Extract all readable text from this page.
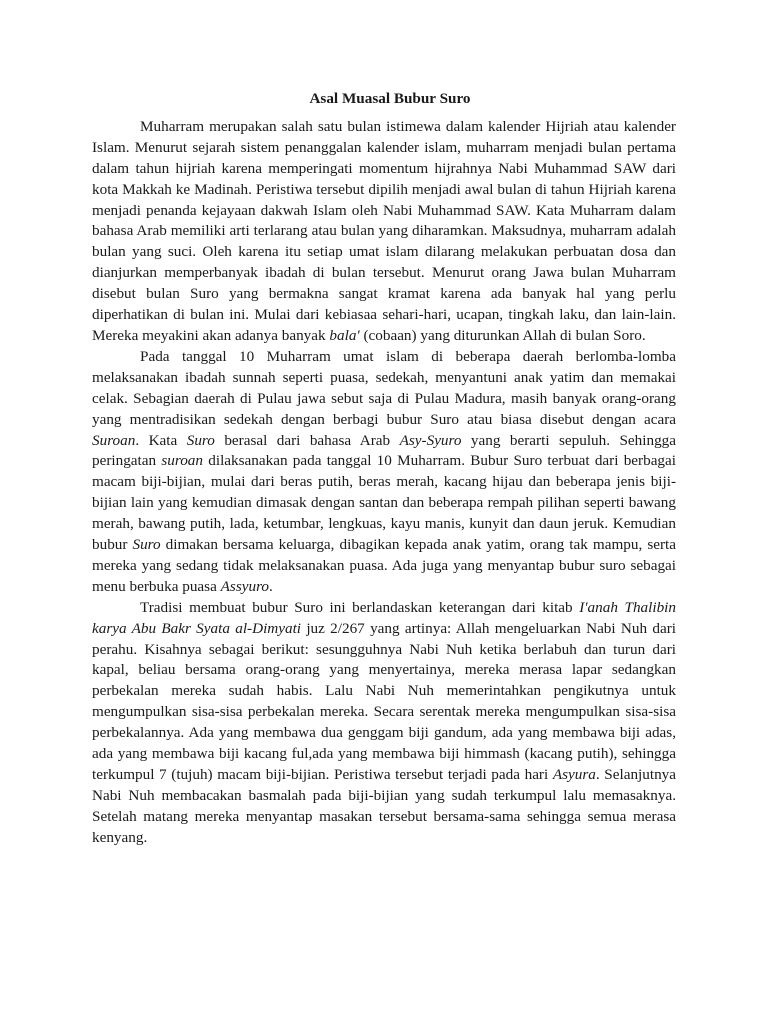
Asal Muasal Bubur Suro

Muharram merupakan salah satu bulan istimewa dalam kalender Hijriah atau kalender Islam. Menurut sejarah sistem penanggalan kalender islam, muharram menjadi bulan pertama dalam tahun hijriah karena memperingati momentum hijrahnya Nabi Muhammad SAW dari kota Makkah ke Madinah. Peristiwa tersebut dipilih menjadi awal bulan di tahun Hijriah karena menjadi penanda kejayaan dakwah Islam oleh Nabi Muhammad SAW. Kata Muharram dalam bahasa Arab memiliki arti terlarang atau bulan yang diharamkan. Maksudnya, muharram adalah bulan yang suci. Oleh karena itu setiap umat islam dilarang melakukan perbuatan dosa dan dianjurkan memperbanyak ibadah di bulan tersebut. Menurut orang Jawa bulan Muharram disebut bulan Suro yang bermakna sangat kramat karena ada banyak hal yang perlu diperhatikan di bulan ini. Mulai dari kebiasaa sehari-hari, ucapan, tingkah laku, dan lain-lain. Mereka meyakini akan adanya banyak bala' (cobaan) yang diturunkan Allah di bulan Soro.

Pada tanggal 10 Muharram umat islam di beberapa daerah berlomba-lomba melaksanakan ibadah sunnah seperti puasa, sedekah, menyantuni anak yatim dan memakai celak. Sebagian daerah di Pulau jawa sebut saja di Pulau Madura, masih banyak orang-orang yang mentradisikan sedekah dengan berbagi bubur Suro atau biasa disebut dengan acara Suroan. Kata Suro berasal dari bahasa Arab Asy-Syuro yang berarti sepuluh. Sehingga peringatan suroan dilaksanakan pada tanggal 10 Muharram. Bubur Suro terbuat dari berbagai macam biji-bijian, mulai dari beras putih, beras merah, kacang hijau dan beberapa jenis biji-bijian lain yang kemudian dimasak dengan santan dan beberapa rempah pilihan seperti bawang merah, bawang putih, lada, ketumbar, lengkuas, kayu manis, kunyit dan daun jeruk. Kemudian bubur Suro dimakan bersama keluarga, dibagikan kepada anak yatim, orang tak mampu, serta mereka yang sedang tidak melaksanakan puasa. Ada juga yang menyantap bubur suro sebagai menu berbuka puasa Assyuro.

Tradisi membuat bubur Suro ini berlandaskan keterangan dari kitab I'anah Thalibin karya Abu Bakr Syata al-Dimyati juz 2/267 yang artinya: Allah mengeluarkan Nabi Nuh dari perahu. Kisahnya sebagai berikut: sesungguhnya Nabi Nuh ketika berlabuh dan turun dari kapal, beliau bersama orang-orang yang menyertainya, mereka merasa lapar sedangkan perbekalan mereka sudah habis. Lalu Nabi Nuh memerintahkan pengikutnya untuk mengumpulkan sisa-sisa perbekalan mereka. Secara serentak mereka mengumpulkan sisa-sisa perbekalannya. Ada yang membawa dua genggam biji gandum, ada yang membawa biji adas, ada yang membawa biji kacang ful,ada yang membawa biji himmash (kacang putih), sehingga terkumpul 7 (tujuh) macam biji-bijian. Peristiwa tersebut terjadi pada hari Asyura. Selanjutnya Nabi Nuh membacakan basmalah pada biji-bijian yang sudah terkumpul lalu memasaknya. Setelah matang mereka menyantap masakan tersebut bersama-sama sehingga semua merasa kenyang.
